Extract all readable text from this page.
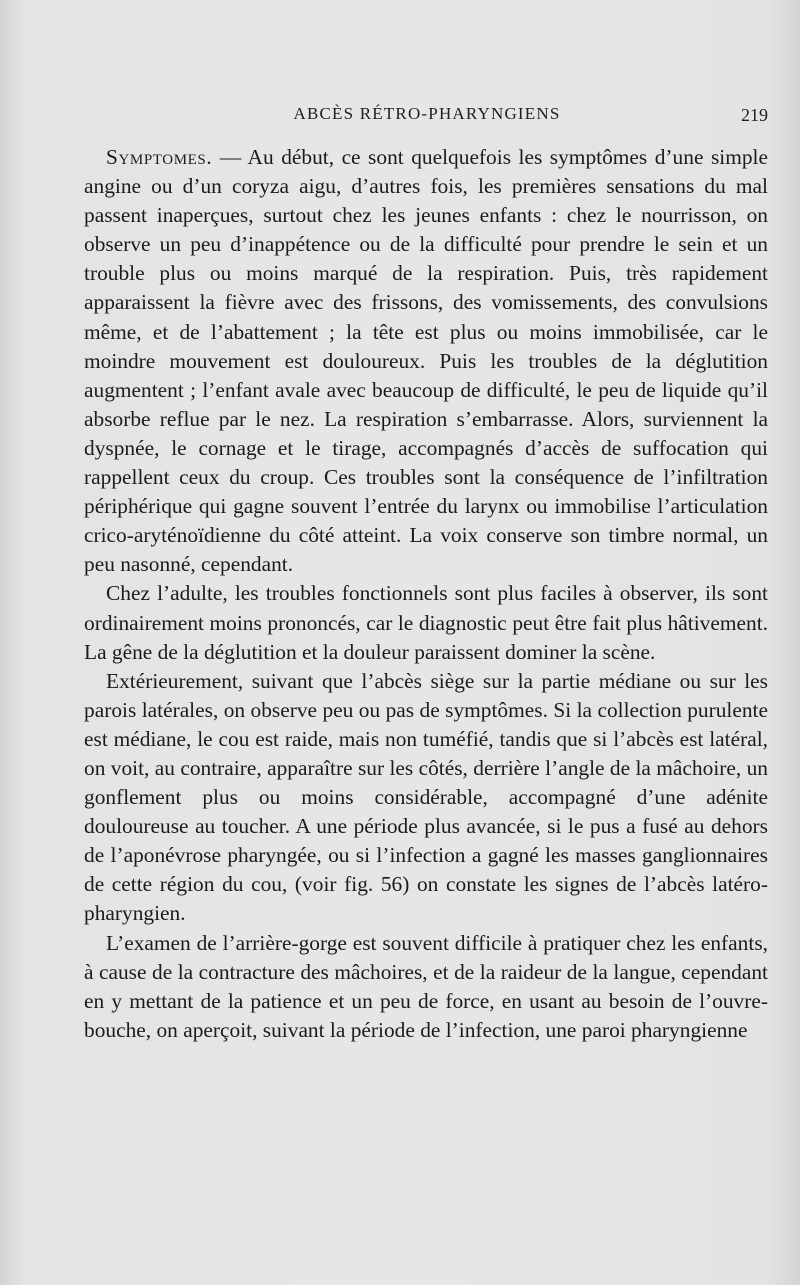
ABCÈS RÉTRO-PHARYNGIENS	219

Symptomes. — Au début, ce sont quelquefois les symptômes d’une simple angine ou d’un coryza aigu, d’autres fois, les premières sensations du mal passent inaperçues, surtout chez les jeunes enfants : chez le nourrisson, on observe un peu d’inappétence ou de la difficulté pour prendre le sein et un trouble plus ou moins marqué de la respiration. Puis, très rapidement apparaissent la fièvre avec des frissons, des vomissements, des convulsions même, et de l’abattement ; la tête est plus ou moins immobilisée, car le moindre mouvement est douloureux. Puis les troubles de la déglutition augmentent ; l’enfant avale avec beaucoup de difficulté, le peu de liquide qu’il absorbe reflue par le nez. La respiration s’embarrasse. Alors, surviennent la dyspnée, le cornage et le tirage, accompagnés d’accès de suffocation qui rappellent ceux du croup. Ces troubles sont la conséquence de l’infiltration périphérique qui gagne souvent l’entrée du larynx ou immobilise l’articulation crico-aryténoïdienne du côté atteint. La voix conserve son timbre normal, un peu nasonné, cependant.

Chez l’adulte, les troubles fonctionnels sont plus faciles à observer, ils sont ordinairement moins prononcés, car le diagnostic peut être fait plus hâtivement. La gêne de la déglutition et la douleur paraissent dominer la scène.

Extérieurement, suivant que l’abcès siège sur la partie médiane ou sur les parois latérales, on observe peu ou pas de symptômes. Si la collection purulente est médiane, le cou est raide, mais non tuméfié, tandis que si l’abcès est latéral, on voit, au contraire, apparaître sur les côtés, derrière l’angle de la mâchoire, un gonflement plus ou moins considérable, accompagné d’une adénite douloureuse au toucher. A une période plus avancée, si le pus a fusé au dehors de l’aponévrose pharyngée, ou si l’infection a gagné les masses ganglionnaires de cette région du cou, (voir fig. 56) on constate les signes de l’abcès latéro-pharyngien.

L’examen de l’arrière-gorge est souvent difficile à pratiquer chez les enfants, à cause de la contracture des mâchoires, et de la raideur de la langue, cependant en y mettant de la patience et un peu de force, en usant au besoin de l’ouvre-bouche, on aperçoit, suivant la période de l’infection, une paroi pharyngienne
